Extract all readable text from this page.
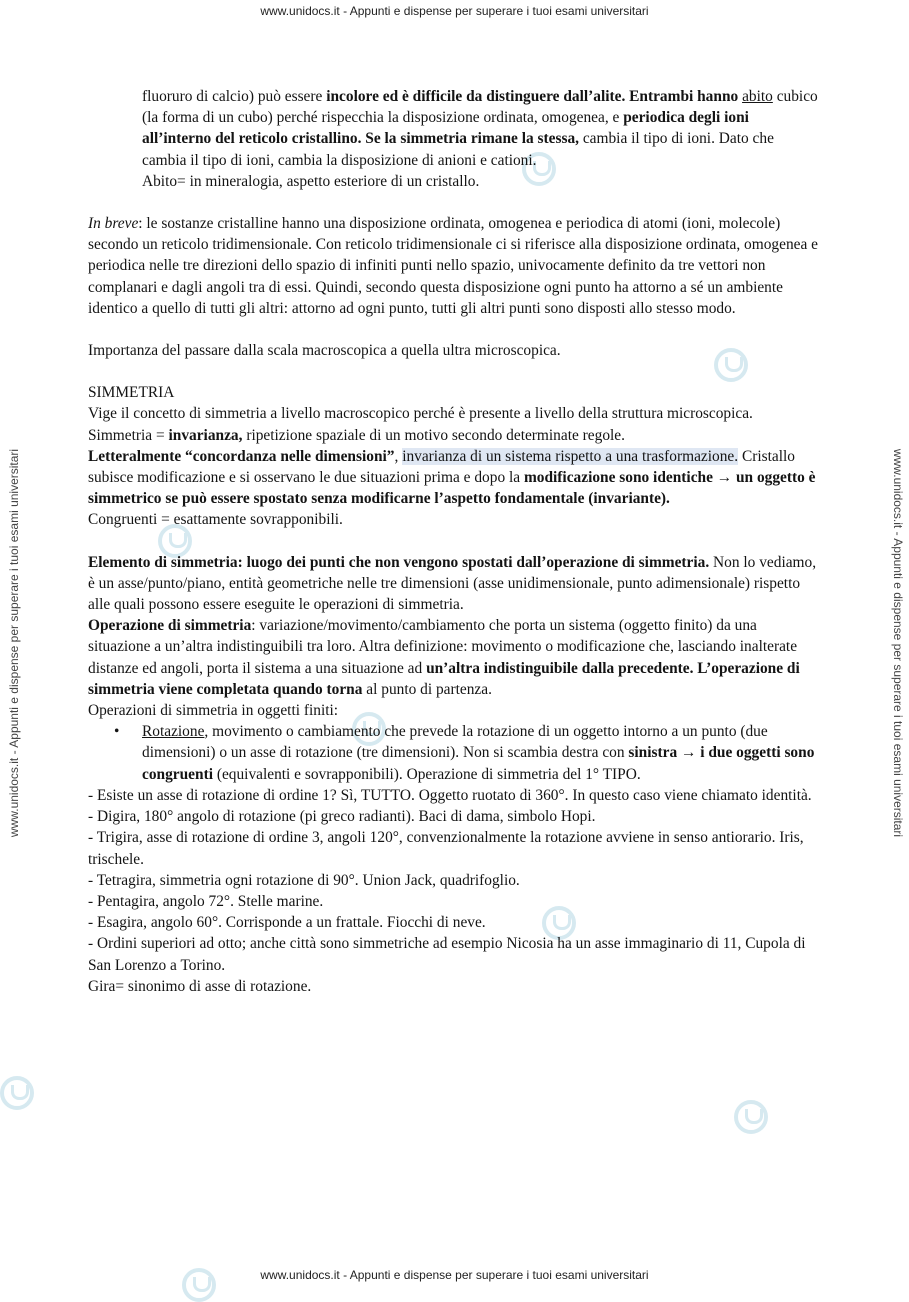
www.unidocs.it - Appunti e dispense per superare i tuoi esami universitari
www.unidocs.it - Appunti e dispense per superare i tuoi esami universitari
www.unidocs.it - Appunti e dispense per superare i tuoi esami universitari	www.unidocs.it - Appunti e dispense per superare i tuoi esami universitari

fluoruro di calcio) può essere incolore ed è difficile da distinguere dall’alite. Entrambi hanno abito cubico (la forma di un cubo) perché rispecchia la disposizione ordinata, omogenea, e periodica degli ioni all’interno del reticolo cristallino. Se la simmetria rimane la stessa, cambia il tipo di ioni. Dato che cambia il tipo di ioni, cambia la disposizione di anioni e cationi.

Abito= in mineralogia, aspetto esteriore di un cristallo.

In breve: le sostanze cristalline hanno una disposizione ordinata, omogenea e periodica di atomi (ioni, molecole) secondo un reticolo tridimensionale. Con reticolo tridimensionale ci si riferisce alla disposizione ordinata, omogenea e periodica nelle tre direzioni dello spazio di infiniti punti nello spazio, univocamente definito da tre vettori non complanari e dagli angoli tra di essi. Quindi, secondo questa disposizione ogni punto ha attorno a sé un ambiente identico a quello di tutti gli altri: attorno ad ogni punto, tutti gli altri punti sono disposti allo stesso modo.

Importanza del passare dalla scala macroscopica a quella ultra microscopica.

SIMMETRIA

Vige il concetto di simmetria a livello macroscopico perché è presente a livello della struttura microscopica.

Simmetria = invarianza, ripetizione spaziale di un motivo secondo determinate regole.

Letteralmente “concordanza nelle dimensioni”, invarianza di un sistema rispetto a una trasformazione. Cristallo subisce modificazione e si osservano le due situazioni prima e dopo la modificazione sono identiche → un oggetto è simmetrico se può essere spostato senza modificarne l’aspetto fondamentale (invariante).

Congruenti = esattamente sovrapponibili.

Elemento di simmetria: luogo dei punti che non vengono spostati dall’operazione di simmetria. Non lo vediamo, è un asse/punto/piano, entità geometriche nelle tre dimensioni (asse unidimensionale, punto adimensionale) rispetto alle quali possono essere eseguite le operazioni di simmetria.

Operazione di simmetria: variazione/movimento/cambiamento che porta un sistema (oggetto finito) da una situazione a un’altra indistinguibili tra loro. Altra definizione: movimento o modificazione che, lasciando inalterate distanze ed angoli, porta il sistema a una situazione ad un’altra indistinguibile dalla precedente. L’operazione di simmetria viene completata quando torna al punto di partenza.

Operazioni di simmetria in oggetti finiti:

• Rotazione, movimento o cambiamento che prevede la rotazione di un oggetto intorno a un punto (due dimensioni) o un asse di rotazione (tre dimensioni). Non si scambia destra con sinistra → i due oggetti sono congruenti (equivalenti e sovrapponibili). Operazione di simmetria del 1° TIPO.

- Esiste un asse di rotazione di ordine 1? Sì, TUTTO. Oggetto ruotato di 360°. In questo caso viene chiamato identità.

- Digira, 180° angolo di rotazione (pi greco radianti). Baci di dama, simbolo Hopi.

- Trigira, asse di rotazione di ordine 3, angoli 120°, convenzionalmente la rotazione avviene in senso antiorario. Iris, trischele.

- Tetragira, simmetria ogni rotazione di 90°. Union Jack, quadrifoglio.

- Pentagira, angolo 72°. Stelle marine.

- Esagira, angolo 60°. Corrisponde a un frattale. Fiocchi di neve.

- Ordini superiori ad otto; anche città sono simmetriche ad esempio Nicosia ha un asse immaginario di 11, Cupola di San Lorenzo a Torino.

Gira= sinonimo di asse di rotazione.
